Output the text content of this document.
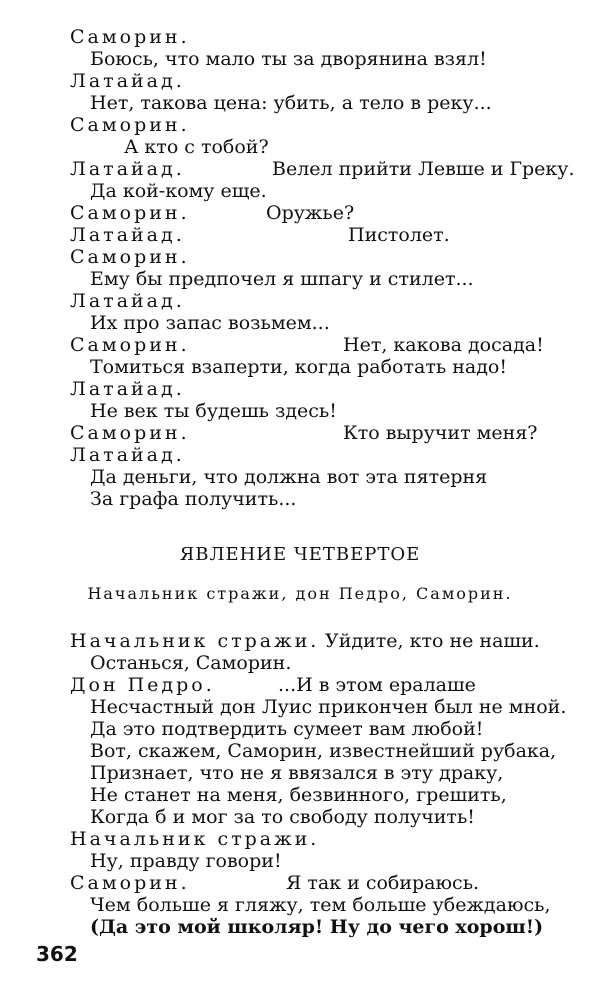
Саморин.
Боюсь, что мало ты за дворянина взял!
Латайад.
Нет, такова цена: убить, а тело в реку...
Саморин.
А кто с тобой?
Латайад.	Велел прийти Левше и Греку.
Да кой-кому еще.
Саморин.	Оружье?
Латайад.	Пистолет.
Саморин.
Ему бы предпочел я шпагу и стилет...
Латайад.
Их про запас возьмем...
Саморин.	Нет, какова досада!
Томиться взаперти, когда работать надо!
Латайад.
Не век ты будешь здесь!
Саморин.	Кто выручит меня?
Латайад.
Да деньги, что должна вот эта пятерня
За графа получить...
ЯВЛЕНИЕ ЧЕТВЕРТОЕ
Начальник стражи, дон Педро, Саморин.
Начальник стражи. Уйдите, кто не наши.
Останься, Саморин.
Дон Педро.	...И в этом ералаше
Несчастный дон Луис прикончен был не мной.
Да это подтвердить сумеет вам любой!
Вот, скажем, Саморин, известнейший рубака,
Признает, что не я ввязался в эту драку,
Не станет на меня, безвинного, грешить,
Когда б и мог за то свободу получить!
Начальник стражи.
Ну, правду говори!
Саморин.	Я так и собираюсь.
Чем больше я гляжу, тем больше убеждаюсь,
(Да это мой школяр! Ну до чего хорош!)
362
